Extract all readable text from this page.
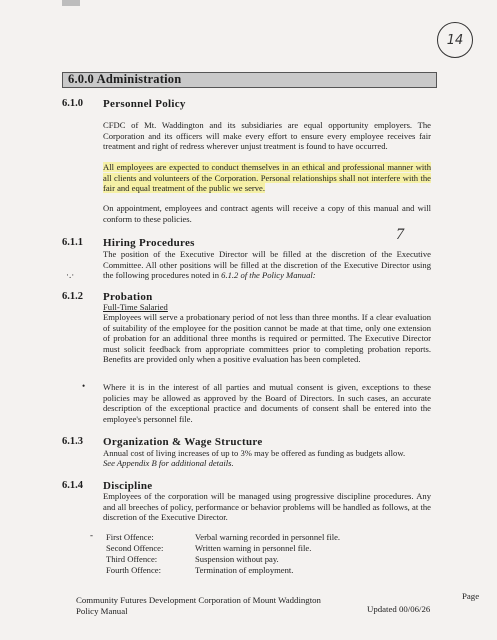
14
6.0.0 Administration
6.1.0 Personnel Policy
CFDC of Mt. Waddington and its subsidiaries are equal opportunity employers. The Corporation and its officers will make every effort to ensure every employee receives fair treatment and right of redress wherever unjust treatment is found to have occurred.
All employees are expected to conduct themselves in an ethical and professional manner with all clients and volunteers of the Corporation. Personal relationships shall not interfere with the fair and equal treatment of the public we serve.
On appointment, employees and contract agents will receive a copy of this manual and will conform to these policies.
6.1.1 Hiring Procedures	7
·.·
The position of the Executive Director will be filled at the discretion of the Executive Committee. All other positions will be filled at the discretion of the Executive Director using the following procedures noted in 6.1.2 of the Policy Manual:
6.1.2 Probation
Full-Time Salaried
Employees will serve a probationary period of not less than three months. If a clear evaluation of suitability of the employee for the position cannot be made at that time, only one extension of probation for an additional three months is required or permitted. The Executive Director must solicit feedback from appropriate committees prior to completing probation reports. Benefits are provided only when a positive evaluation has been completed.
• Where it is in the interest of all parties and mutual consent is given, exceptions to these policies may be allowed as approved by the Board of Directors. In such cases, an accurate description of the exceptional practice and documents of consent shall be entered into the employee's personnel file.
6.1.3 Organization & Wage Structure
Annual cost of living increases of up to 3% may be offered as funding as budgets allow.
See Appendix B for additional details.
6.1.4 Discipline
Employees of the corporation will be managed using progressive discipline procedures. Any and all breeches of policy, performance or behavior problems will be handled as follows, at the discretion of the Executive Director.
- First Offence:	Verbal warning recorded in personnel file.
Second Offence:	Written warning in personnel file.
Third Offence:	Suspension without pay.
Fourth Offence:	Termination of employment.
Community Futures Development Corporation of Mount Waddington
Policy Manual
Page
Updated 00/06/26
